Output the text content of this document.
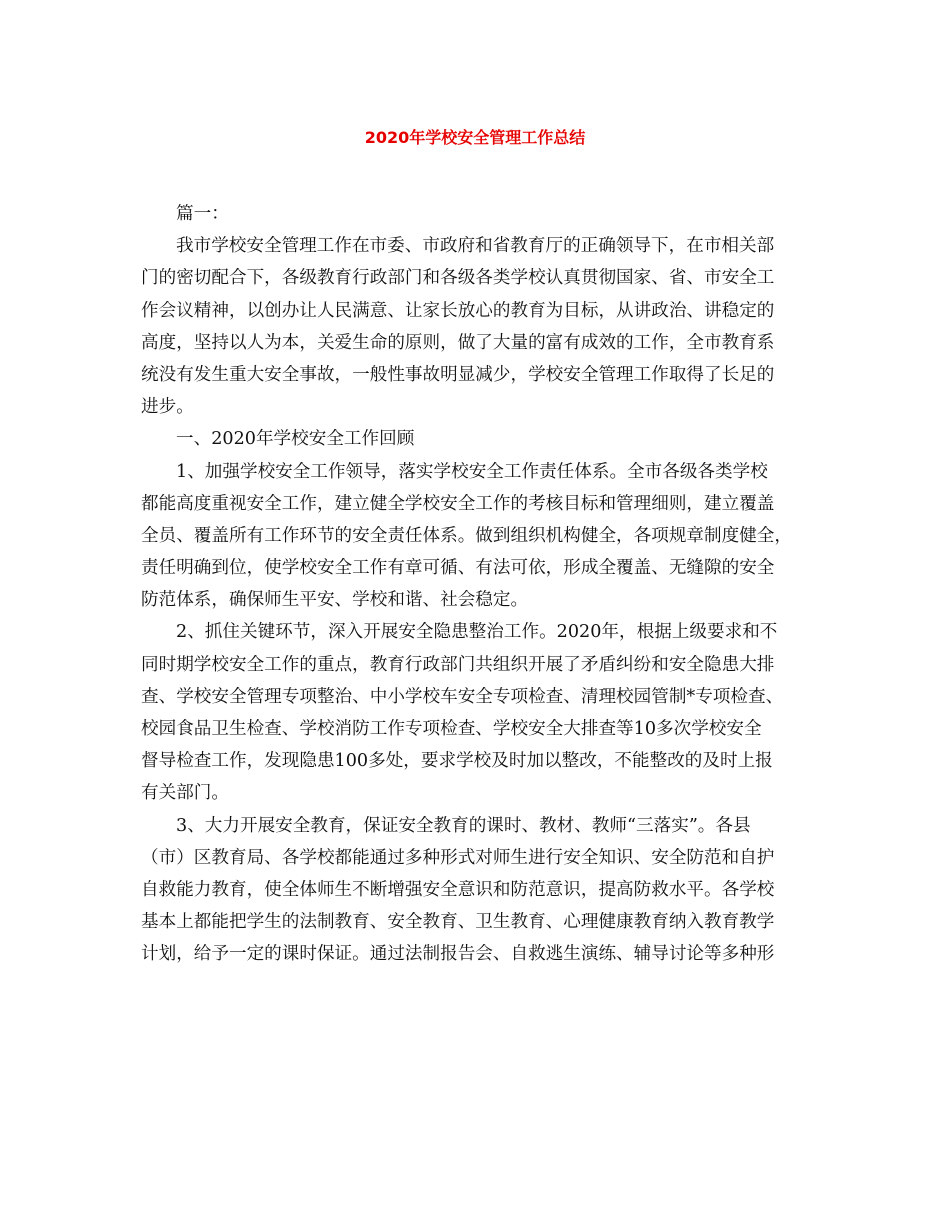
2020年学校安全管理工作总结
篇一：
我市学校安全管理工作在市委、市政府和省教育厅的正确领导下，在市相关部
门的密切配合下，各级教育行政部门和各级各类学校认真贯彻国家、省、市安全工
作会议精神，以创办让人民满意、让家长放心的教育为目标，从讲政治、讲稳定的
高度，坚持以人为本，关爱生命的原则，做了大量的富有成效的工作，全市教育系
统没有发生重大安全事故，一般性事故明显减少，学校安全管理工作取得了长足的
进步。
一、2020年学校安全工作回顾
1、加强学校安全工作领导，落实学校安全工作责任体系。全市各级各类学校
都能高度重视安全工作，建立健全学校安全工作的考核目标和管理细则，建立覆盖
全员、覆盖所有工作环节的安全责任体系。做到组织机构健全，各项规章制度健全，
责任明确到位，使学校安全工作有章可循、有法可依，形成全覆盖、无缝隙的安全
防范体系，确保师生平安、学校和谐、社会稳定。
2、抓住关键环节，深入开展安全隐患整治工作。2020年，根据上级要求和不
同时期学校安全工作的重点，教育行政部门共组织开展了矛盾纠纷和安全隐患大排
查、学校安全管理专项整治、中小学校车安全专项检查、清理校园管制*专项检查、
校园食品卫生检查、学校消防工作专项检查、学校安全大排查等10多次学校安全
督导检查工作，发现隐患100多处，要求学校及时加以整改，不能整改的及时上报
有关部门。
3、大力开展安全教育，保证安全教育的课时、教材、教师“三落实”。各县
（市）区教育局、各学校都能通过多种形式对师生进行安全知识、安全防范和自护
自救能力教育，使全体师生不断增强安全意识和防范意识，提高防救水平。各学校
基本上都能把学生的法制教育、安全教育、卫生教育、心理健康教育纳入教育教学
计划，给予一定的课时保证。通过法制报告会、自救逃生演练、辅导讨论等多种形
